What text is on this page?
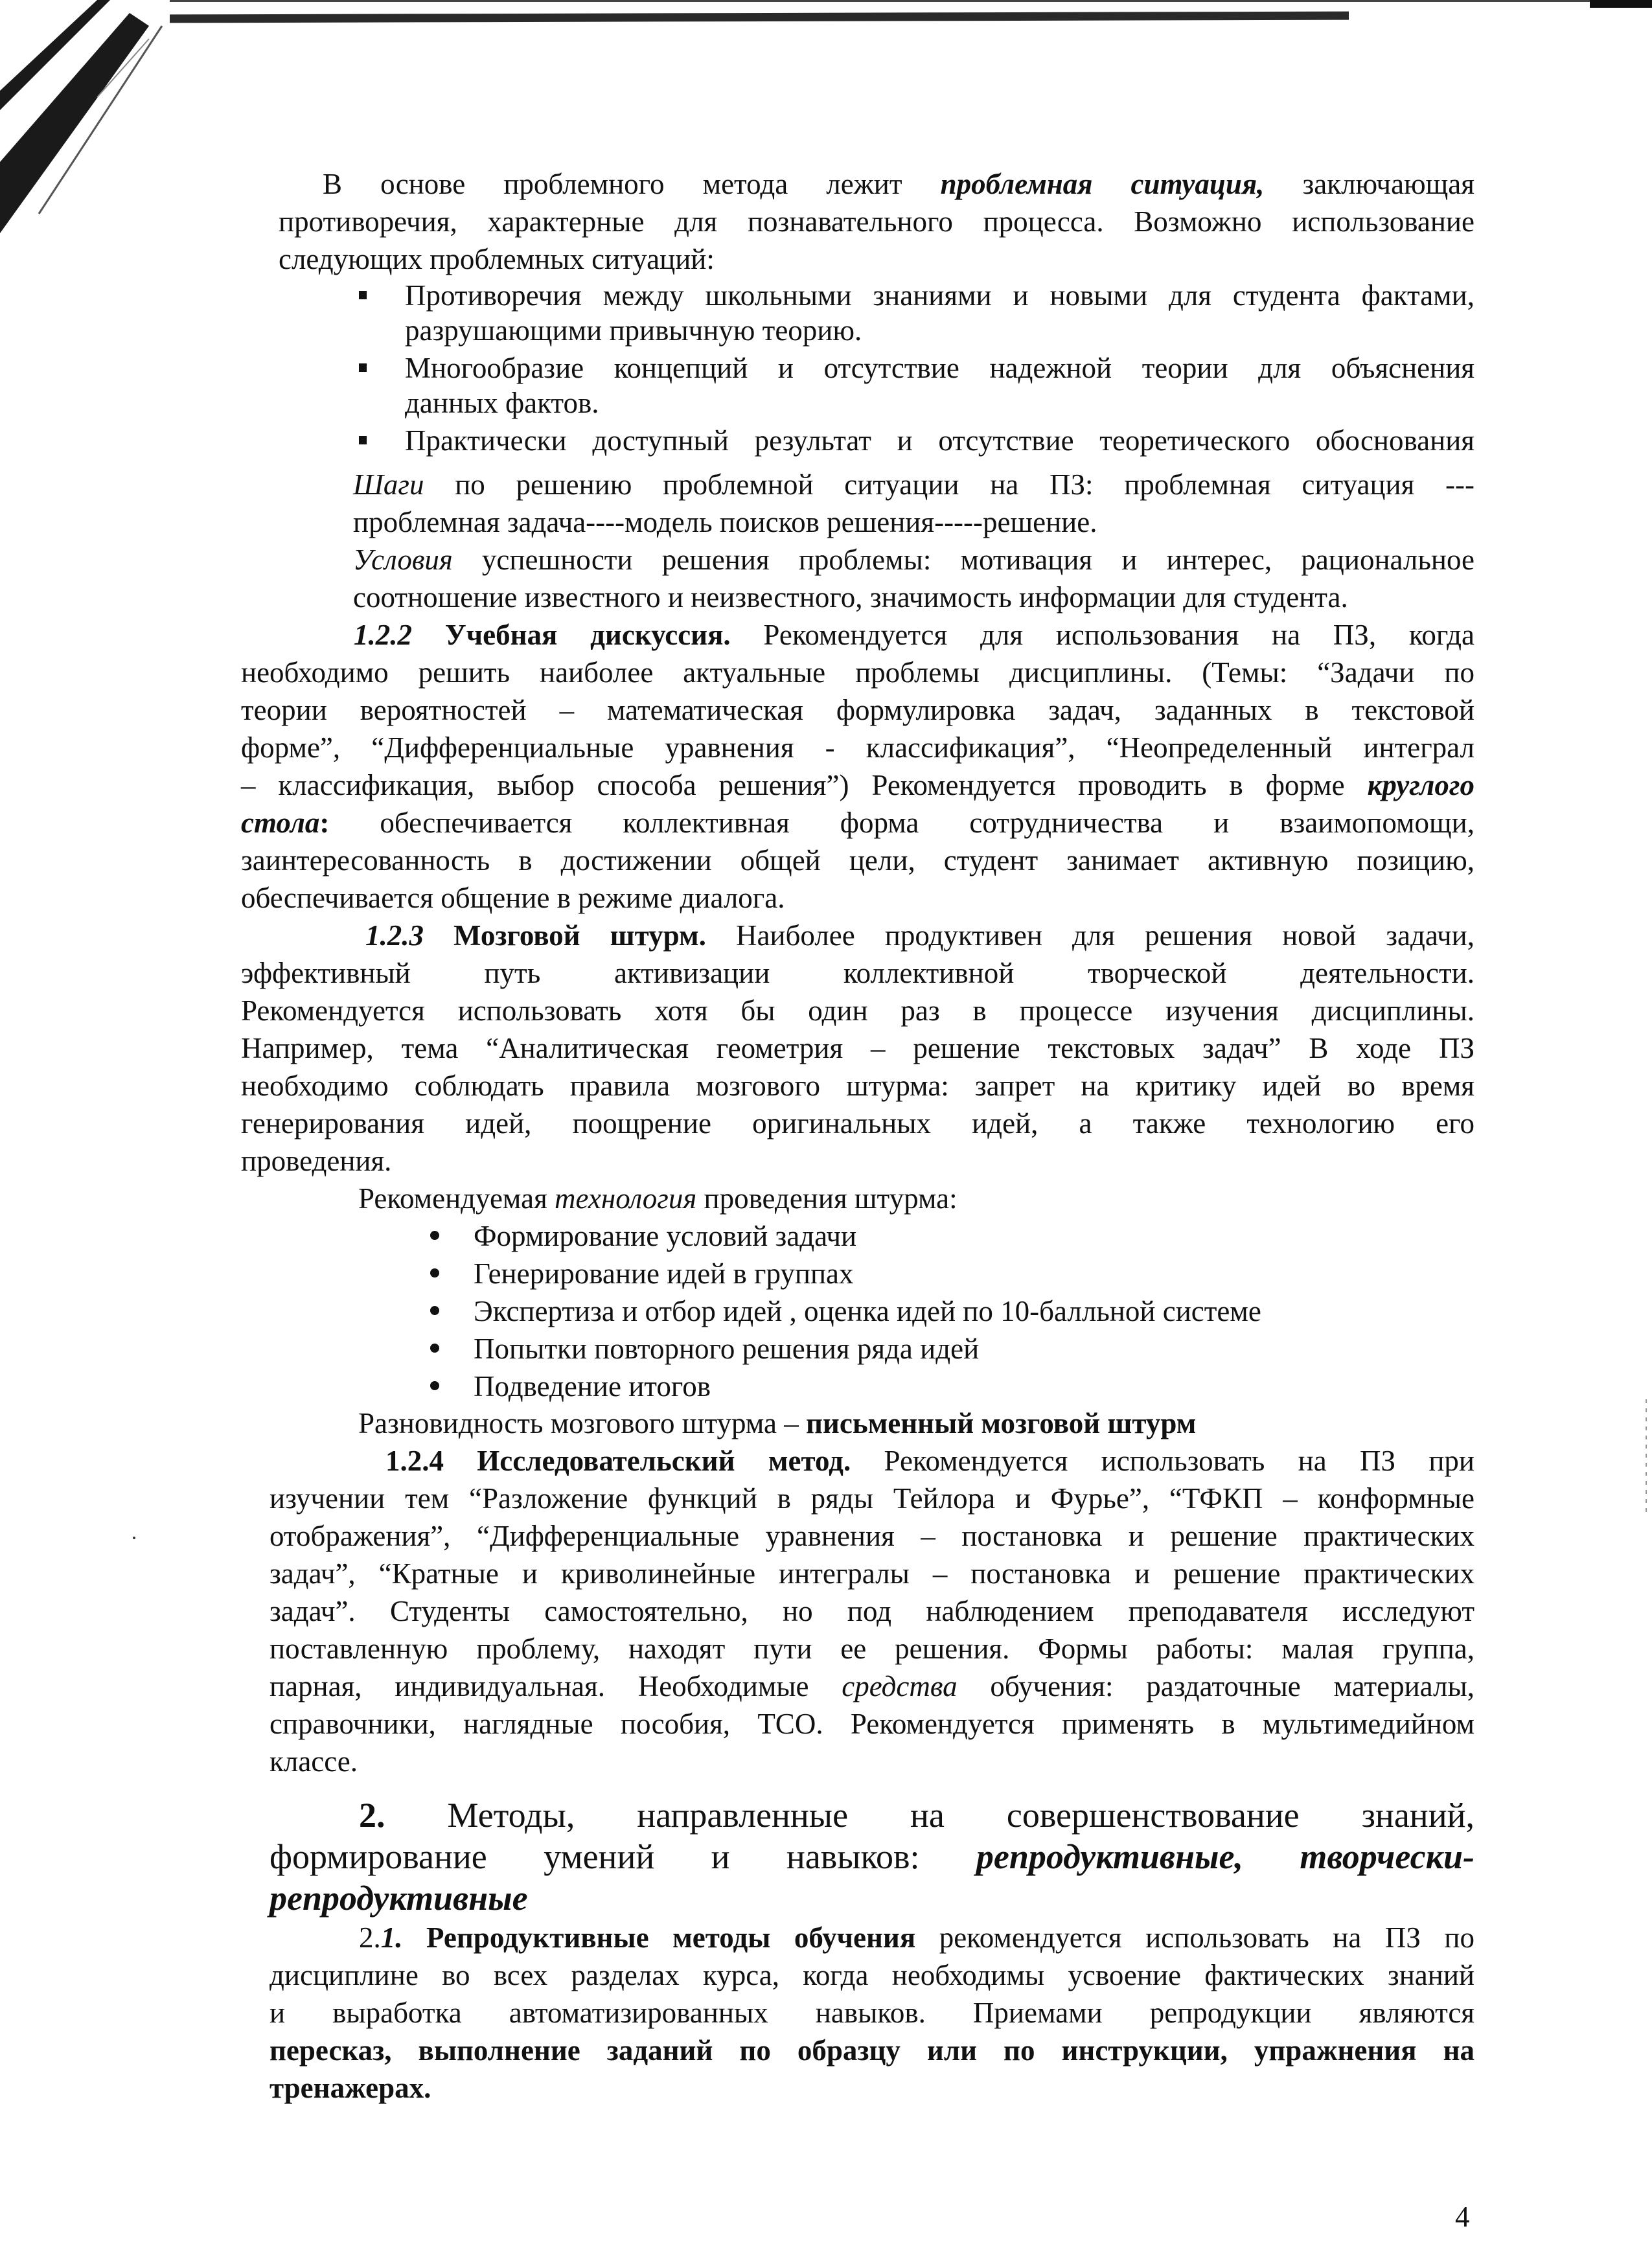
В основе проблемного метода лежит проблемная ситуация, заключающая
противоречия, характерные для познавательного процесса. Возможно использование
следующих проблемных ситуаций:
Противоречия между школьными знаниями и новыми для студента фактами,
разрушающими привычную теорию.
Многообразие концепций и отсутствие надежной теории для объяснения
данных фактов.
Практически доступный результат и отсутствие теоретического обоснования
Шаги по решению проблемной ситуации на ПЗ: проблемная ситуация ---
проблемная задача----модель поисков решения-----решение.
Условия успешности решения проблемы: мотивация и интерес, рациональное
соотношение известного и неизвестного, значимость информации для студента.
1.2.2 Учебная дискуссия. Рекомендуется для использования на ПЗ, когда
необходимо решить наиболее актуальные проблемы дисциплины. (Темы: “Задачи по
теории вероятностей – математическая формулировка задач, заданных в текстовой
форме”, “Дифференциальные уравнения - классификация”, “Неопределенный интеграл
– классификация, выбор способа решения”) Рекомендуется проводить в форме круглого
стола: обеспечивается коллективная форма сотрудничества и взаимопомощи,
заинтересованность в достижении общей цели, студент занимает активную позицию,
обеспечивается общение в режиме диалога.
1.2.3 Мозговой штурм. Наиболее продуктивен для решения новой задачи,
эффективный путь активизации коллективной творческой деятельности.
Рекомендуется использовать хотя бы один раз в процессе изучения дисциплины.
Например, тема “Аналитическая геометрия – решение текстовых задач” В ходе ПЗ
необходимо соблюдать правила мозгового штурма: запрет на критику идей во время
генерирования идей, поощрение оригинальных идей, а также технологию его
проведения.
Рекомендуемая технология проведения штурма:
Формирование условий задачи
Генерирование идей в группах
Экспертиза и отбор идей , оценка идей по 10-балльной системе
Попытки повторного решения ряда идей
Подведение итогов
Разновидность мозгового штурма – письменный мозговой штурм
1.2.4 Исследовательский метод. Рекомендуется использовать на ПЗ при
изучении тем “Разложение функций в ряды Тейлора и Фурье”, “ТФКП – конформные
отображения”, “Дифференциальные уравнения – постановка и решение практических
задач”, “Кратные и криволинейные интегралы – постановка и решение практических
задач”. Студенты самостоятельно, но под наблюдением преподавателя исследуют
поставленную проблему, находят пути ее решения. Формы работы: малая группа,
парная, индивидуальная. Необходимые средства обучения: раздаточные материалы,
справочники, наглядные пособия, ТСО. Рекомендуется применять в мультимедийном
классе.
2. Методы, направленные на совершенствование знаний,
формирование умений и навыков: репродуктивные, творчески-
репродуктивные
2.1. Репродуктивные методы обучения рекомендуется использовать на ПЗ по
дисциплине во всех разделах курса, когда необходимы усвоение фактических знаний
и выработка автоматизированных навыков. Приемами репродукции являются
пересказ, выполнение заданий по образцу или по инструкции, упражнения на
тренажерах.
4
